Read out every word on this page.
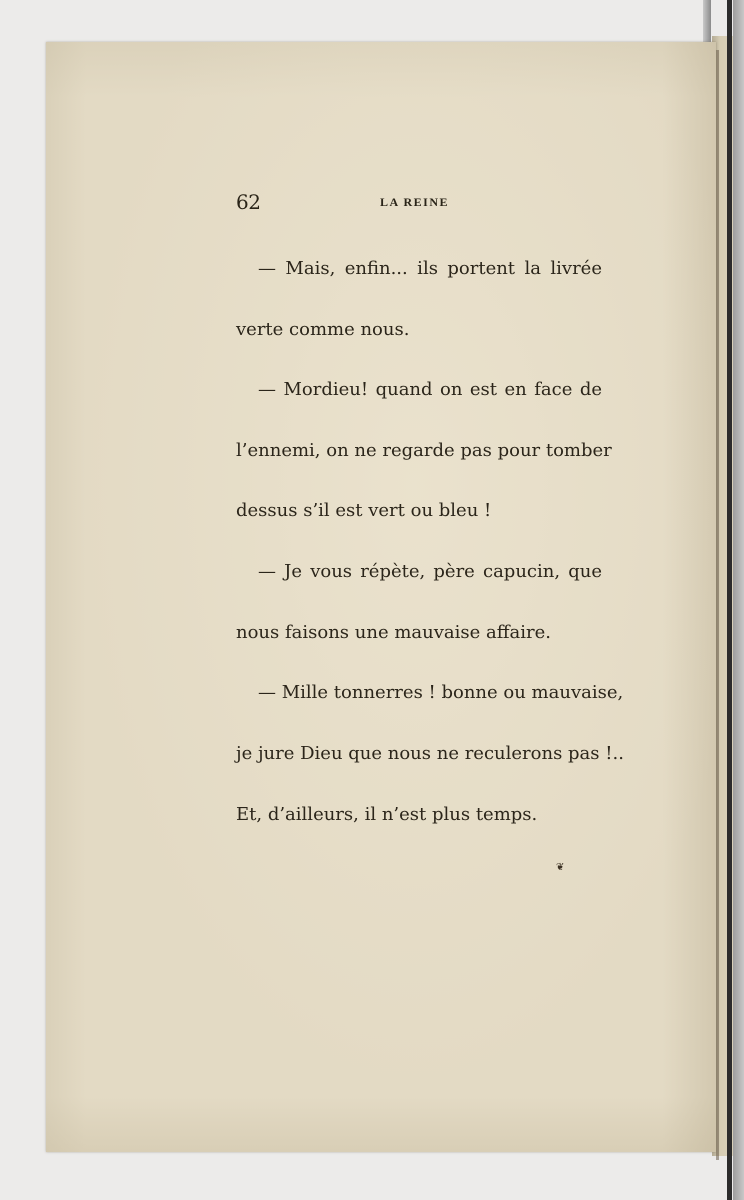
62	LA REINE
— Mais, enfin... ils portent la livrée
verte comme nous.
— Mordieu! quand on est en face de
l’ennemi, on ne regarde pas pour tomber
dessus s’il est vert ou bleu !
— Je vous répète, père capucin, que
nous faisons une mauvaise affaire.
— Mille tonnerres ! bonne ou mauvaise,
je jure Dieu que nous ne reculerons pas !..
Et, d’ailleurs, il n’est plus temps.
❦
